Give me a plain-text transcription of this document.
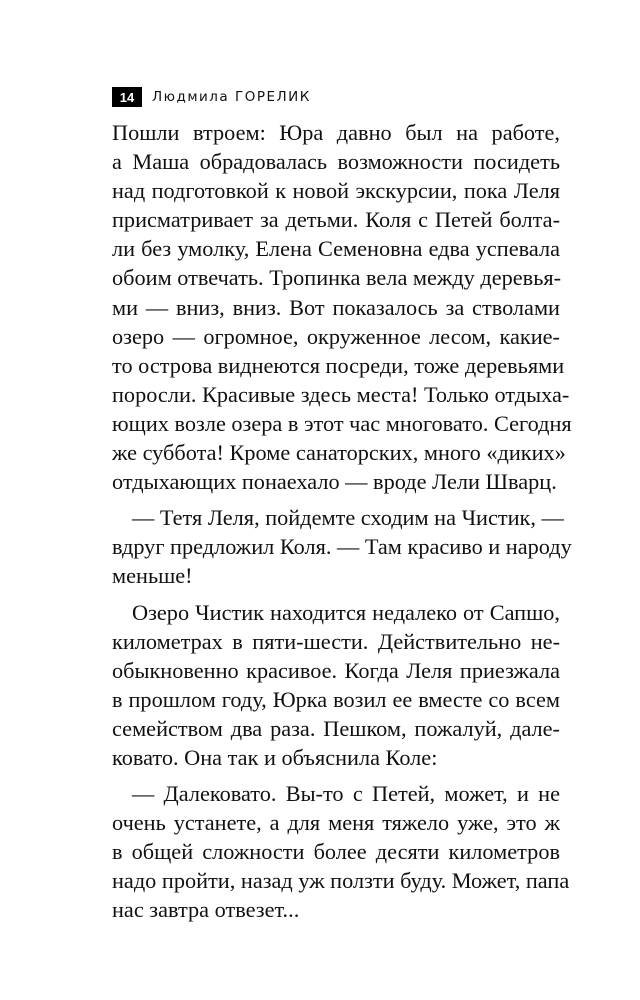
14	Людмила ГОРЕЛИК
Пошли втроем: Юра давно был на работе,
а Маша обрадовалась возможности посидеть
над подготовкой к новой экскурсии, пока Леля
присматривает за детьми. Коля с Петей болта-
ли без умолку, Елена Семеновна едва успевала
обоим отвечать. Тропинка вела между деревья-
ми — вниз, вниз. Вот показалось за стволами
озеро — огромное, окруженное лесом, какие-
то острова виднеются посреди, тоже деревьями
поросли. Красивые здесь места! Только отдыха-
ющих возле озера в этот час многовато. Сегодня
же суббота! Кроме санаторских, много «диких»
отдыхающих понаехало — вроде Лели Шварц.
— Тетя Леля, пойдемте сходим на Чистик, —
вдруг предложил Коля. — Там красиво и народу
меньше!
Озеро Чистик находится недалеко от Сапшо,
километрах в пяти-шести. Действительно не-
обыкновенно красивое. Когда Леля приезжала
в прошлом году, Юрка возил ее вместе со всем
семейством два раза. Пешком, пожалуй, дале-
ковато. Она так и объяснила Коле:
— Далековато. Вы-то с Петей, может, и не
очень устанете, а для меня тяжело уже, это ж
в общей сложности более десяти километров
надо пройти, назад уж ползти буду. Может, папа
нас завтра отвезет...
